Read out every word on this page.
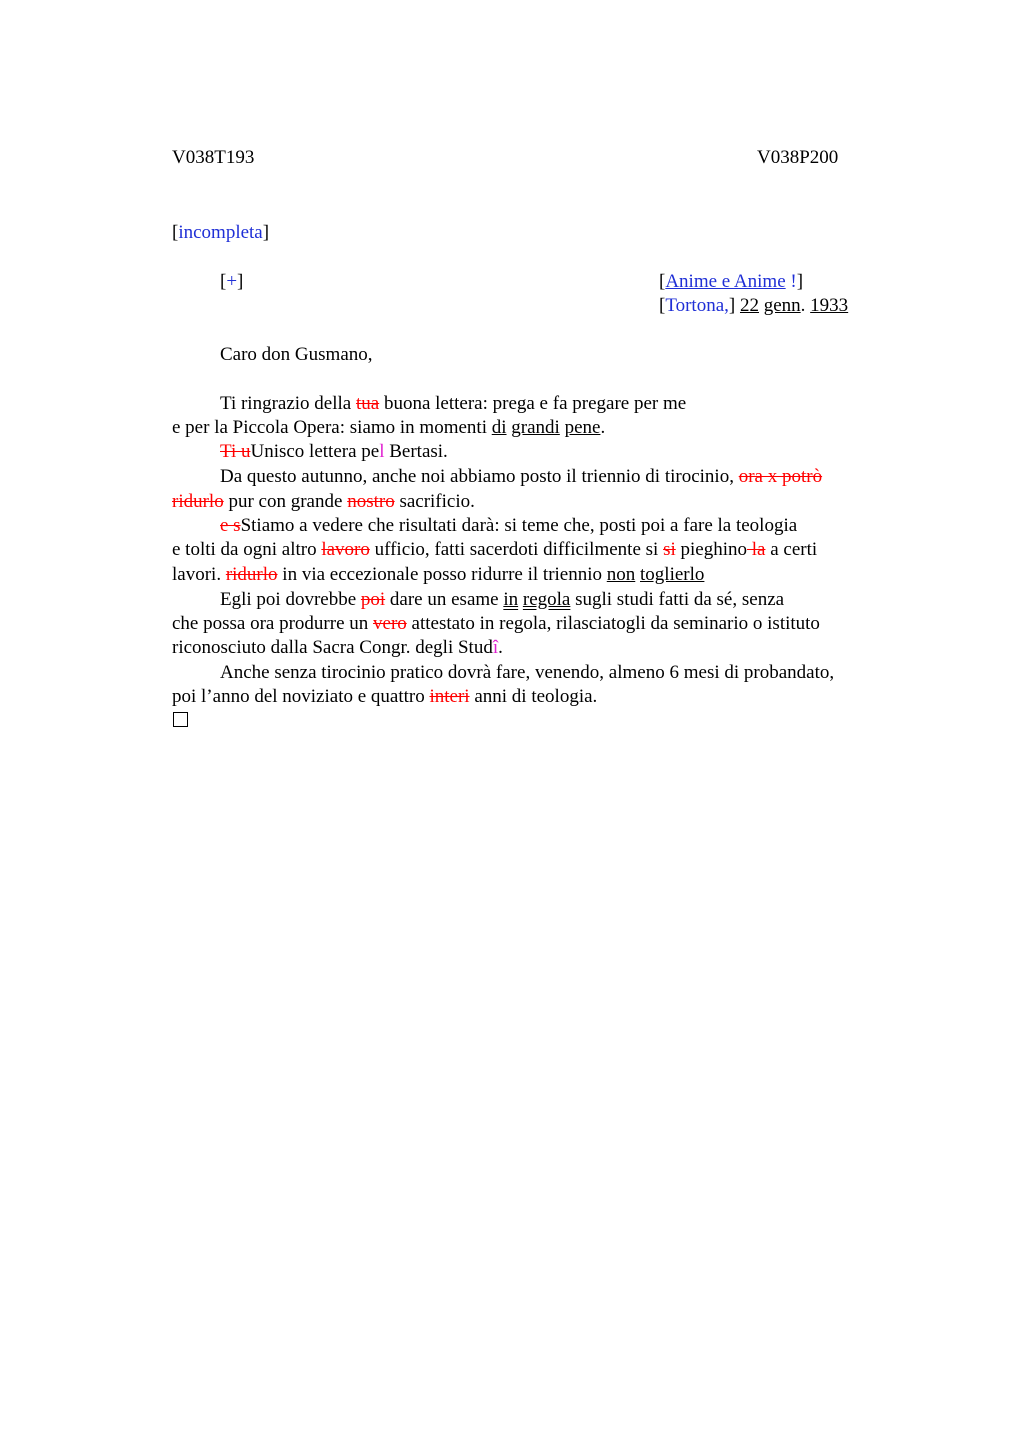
V038T193	V038P200
[incompleta]
[+]	[Anime e Anime !]
[Tortona,] 22 genn. 1933
Caro don Gusmano,
Ti ringrazio della tua buona lettera: prega e fa pregare per me
e per la Piccola Opera: siamo in momenti di grandi pene.
Ti uUnisco lettera pel Bertasi.
Da questo autunno, anche noi abbiamo posto il triennio di tirocinio, ora x potrò
ridurlo pur con grande nostro sacrificio.
e sStiamo a vedere che risultati darà: si teme che, posti poi a fare la teologia
e tolti da ogni altro lavoro ufficio, fatti sacerdoti difficilmente si si pieghino la a certi
lavori. ridurlo in via eccezionale posso ridurre il triennio non toglierlo
Egli poi dovrebbe poi dare un esame in regola sugli studi fatti da sé, senza
che possa ora produrre un vero attestato in regola, rilasciatogli da seminario o istituto
riconosciuto dalla Sacra Congr. degli Studî.
Anche senza tirocinio pratico dovrà fare, venendo, almeno 6 mesi di probandato,
poi l’anno del noviziato e quattro interi anni di teologia.
